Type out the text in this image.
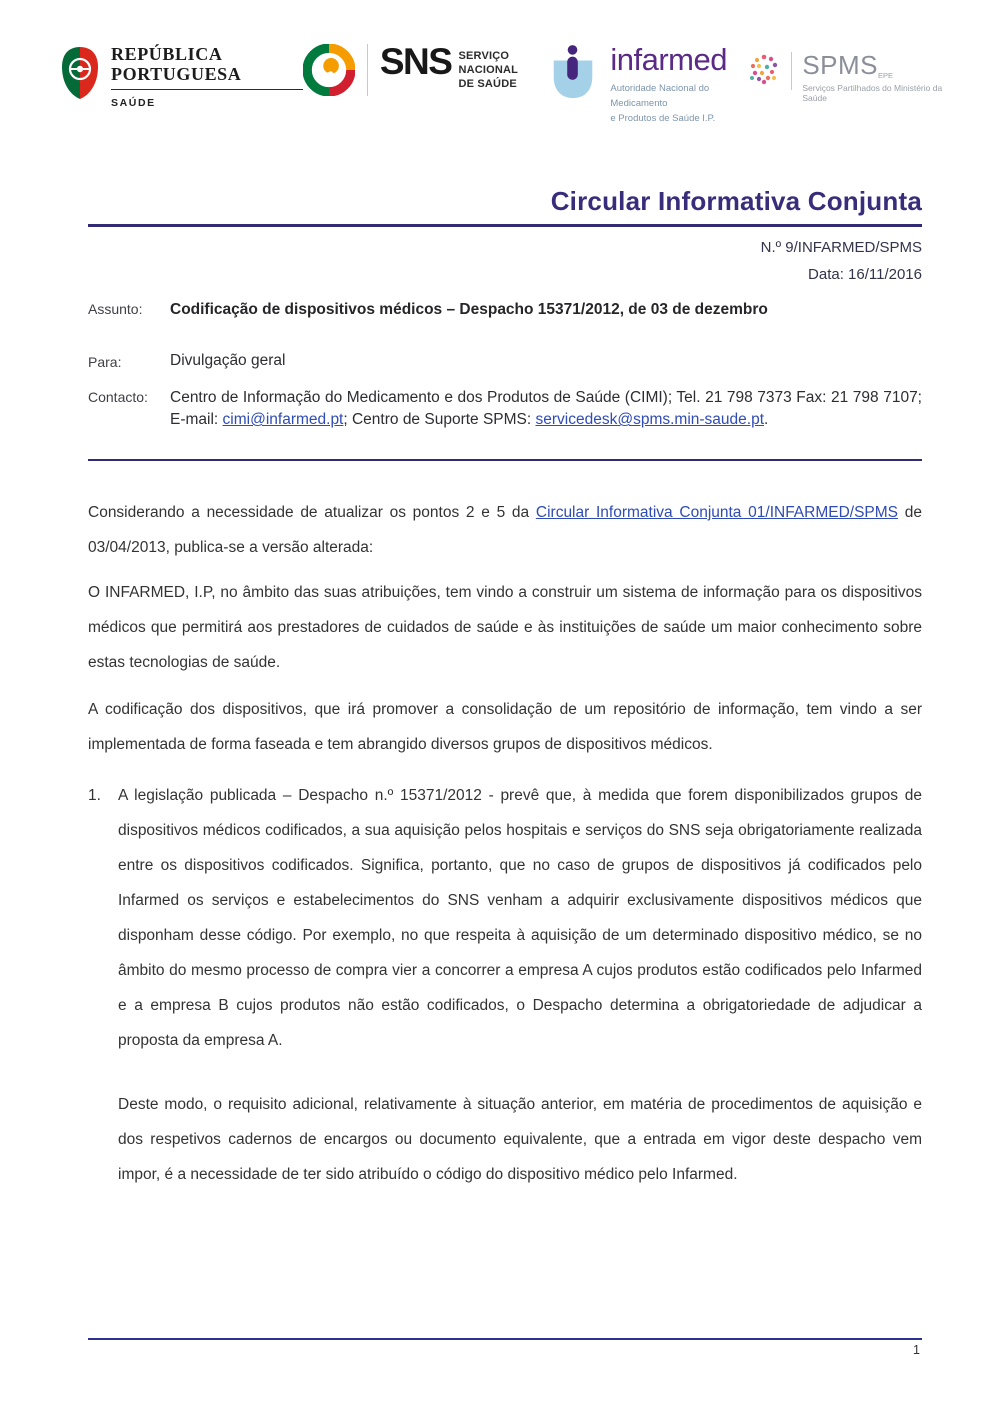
REPÚBLICA
PORTUGUESA
SAÚDE
SNS SERVIÇO NACIONAL
DE SAÚDE
infarmed
Autoridade Nacional do Medicamento
e Produtos de Saúde I.P.
$SPMS_{EPE}$
Serviços Partilhados do Ministério da Saúde
Circular Informativa Conjunta
N.º 9/INFARMED/SPMS
Data: 16/11/2016
Assunto:	Codificação de dispositivos médicos – Despacho 15371/2012, de 03 de dezembro
Para:	Divulgação geral
Contacto:	Centro de Informação do Medicamento e dos Produtos de Saúde (CIMI); Tel. 21 798 7373 Fax: 21 798 7107; E-mail: cimi@infarmed.pt; Centro de Suporte SPMS: servicedesk@spms.min-saude.pt.

Considerando a necessidade de atualizar os pontos 2 e 5 da Circular Informativa Conjunta 01/INFARMED/SPMS de 03/04/2013, publica-se a versão alterada:

O INFARMED, I.P, no âmbito das suas atribuições, tem vindo a construir um sistema de informação para os dispositivos médicos que permitirá aos prestadores de cuidados de saúde e às instituições de saúde um maior conhecimento sobre estas tecnologias de saúde.

A codificação dos dispositivos, que irá promover a consolidação de um repositório de informação, tem vindo a ser implementada de forma faseada e tem abrangido diversos grupos de dispositivos médicos.

1.	A legislação publicada – Despacho n.º 15371/2012 - prevê que, à medida que forem disponibilizados grupos de dispositivos médicos codificados, a sua aquisição pelos hospitais e serviços do SNS seja obrigatoriamente realizada entre os dispositivos codificados. Significa, portanto, que no caso de grupos de dispositivos já codificados pelo Infarmed os serviços e estabelecimentos do SNS venham a adquirir exclusivamente dispositivos médicos que disponham desse código. Por exemplo, no que respeita à aquisição de um determinado dispositivo médico, se no âmbito do mesmo processo de compra vier a concorrer a empresa A cujos produtos estão codificados pelo Infarmed e a empresa B cujos produtos não estão codificados, o Despacho determina a obrigatoriedade de adjudicar a proposta da empresa A.

Deste modo, o requisito adicional, relativamente à situação anterior, em matéria de procedimentos de aquisição e dos respetivos cadernos de encargos ou documento equivalente, que a entrada em vigor deste despacho vem impor, é a necessidade de ter sido atribuído o código do dispositivo médico pelo Infarmed.

1
